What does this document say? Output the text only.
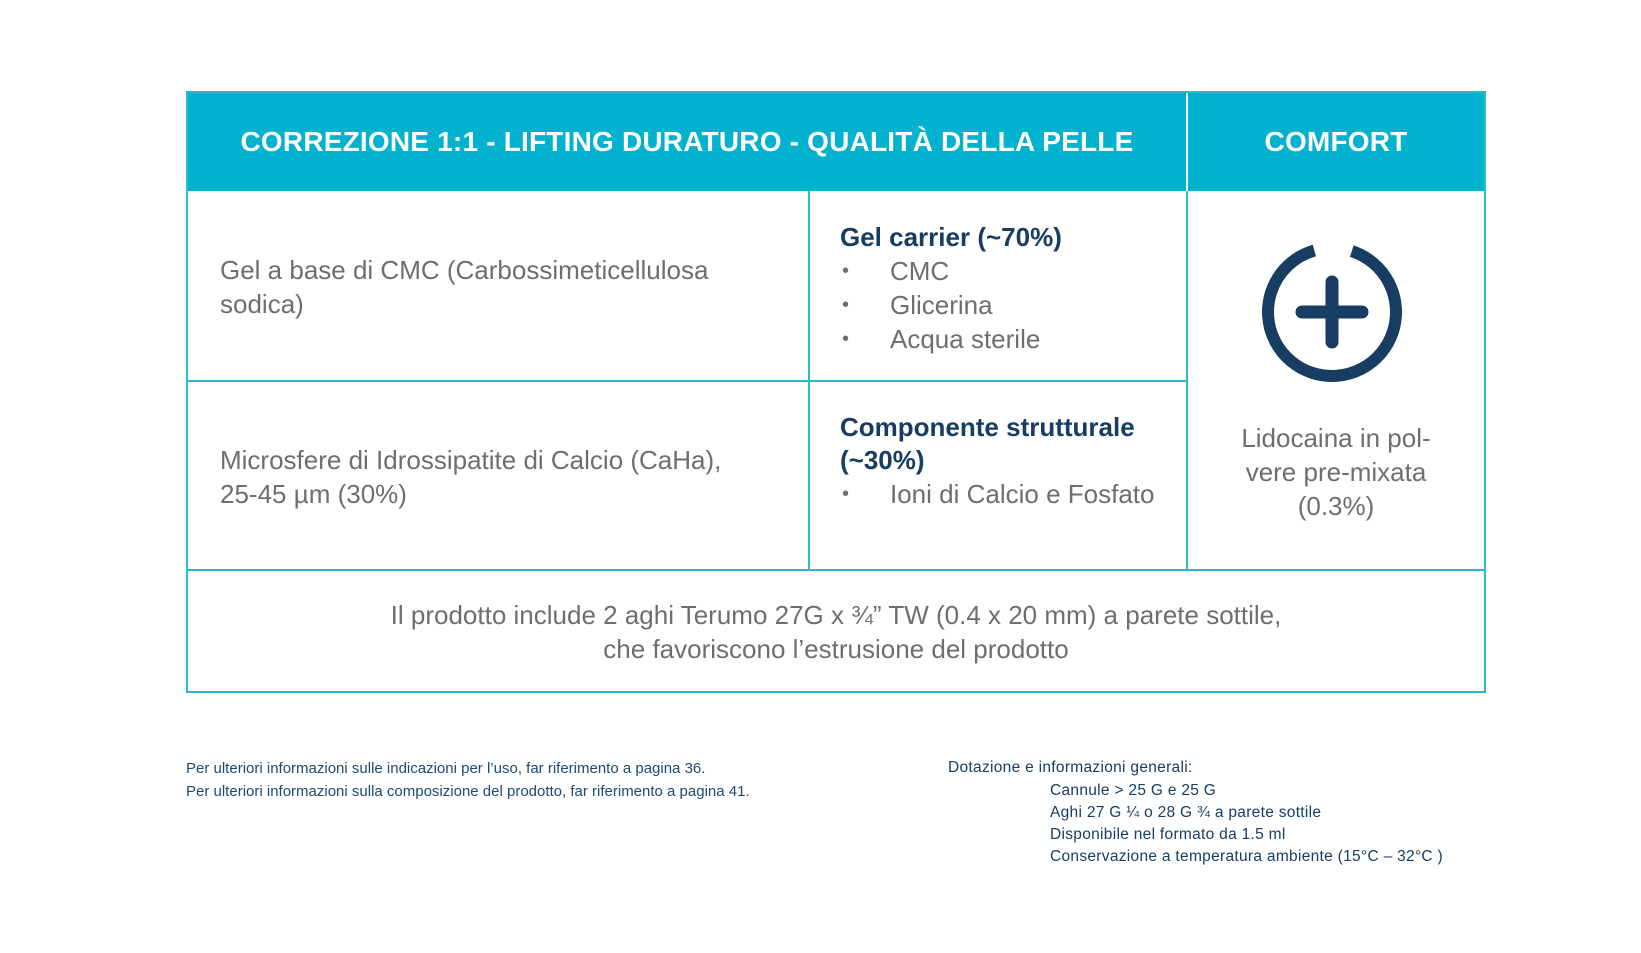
CORREZIONE 1:1 - LIFTING DURATURO - QUALITÀ DELLA PELLE	COMFORT
Gel a base di CMC (Carbossimeticellulosa sodica)
Gel carrier (~70%)
• CMC
• Glicerina
• Acqua sterile
Microsfere di Idrossipatite di Calcio (CaHa), 25-45 µm (30%)
Componente strutturale (~30%)
• Ioni di Calcio e Fosfato
Lidocaina in pol-
vere pre-mixata
(0.3%)
Il prodotto include 2 aghi Terumo 27G x ¾” TW (0.4 x 20 mm) a parete sottile,
che favoriscono l’estrusione del prodotto
Per ulteriori informazioni sulle indicazioni per l’uso, far riferimento a pagina 36.
Per ulteriori informazioni sulla composizione del prodotto, far riferimento a pagina 41.
Dotazione e informazioni generali:
Cannule > 25 G e 25 G
Aghi 27 G ¼ o 28 G ¾ a parete sottile
Disponibile nel formato da 1.5 ml
Conservazione a temperatura ambiente (15°C – 32°C )
